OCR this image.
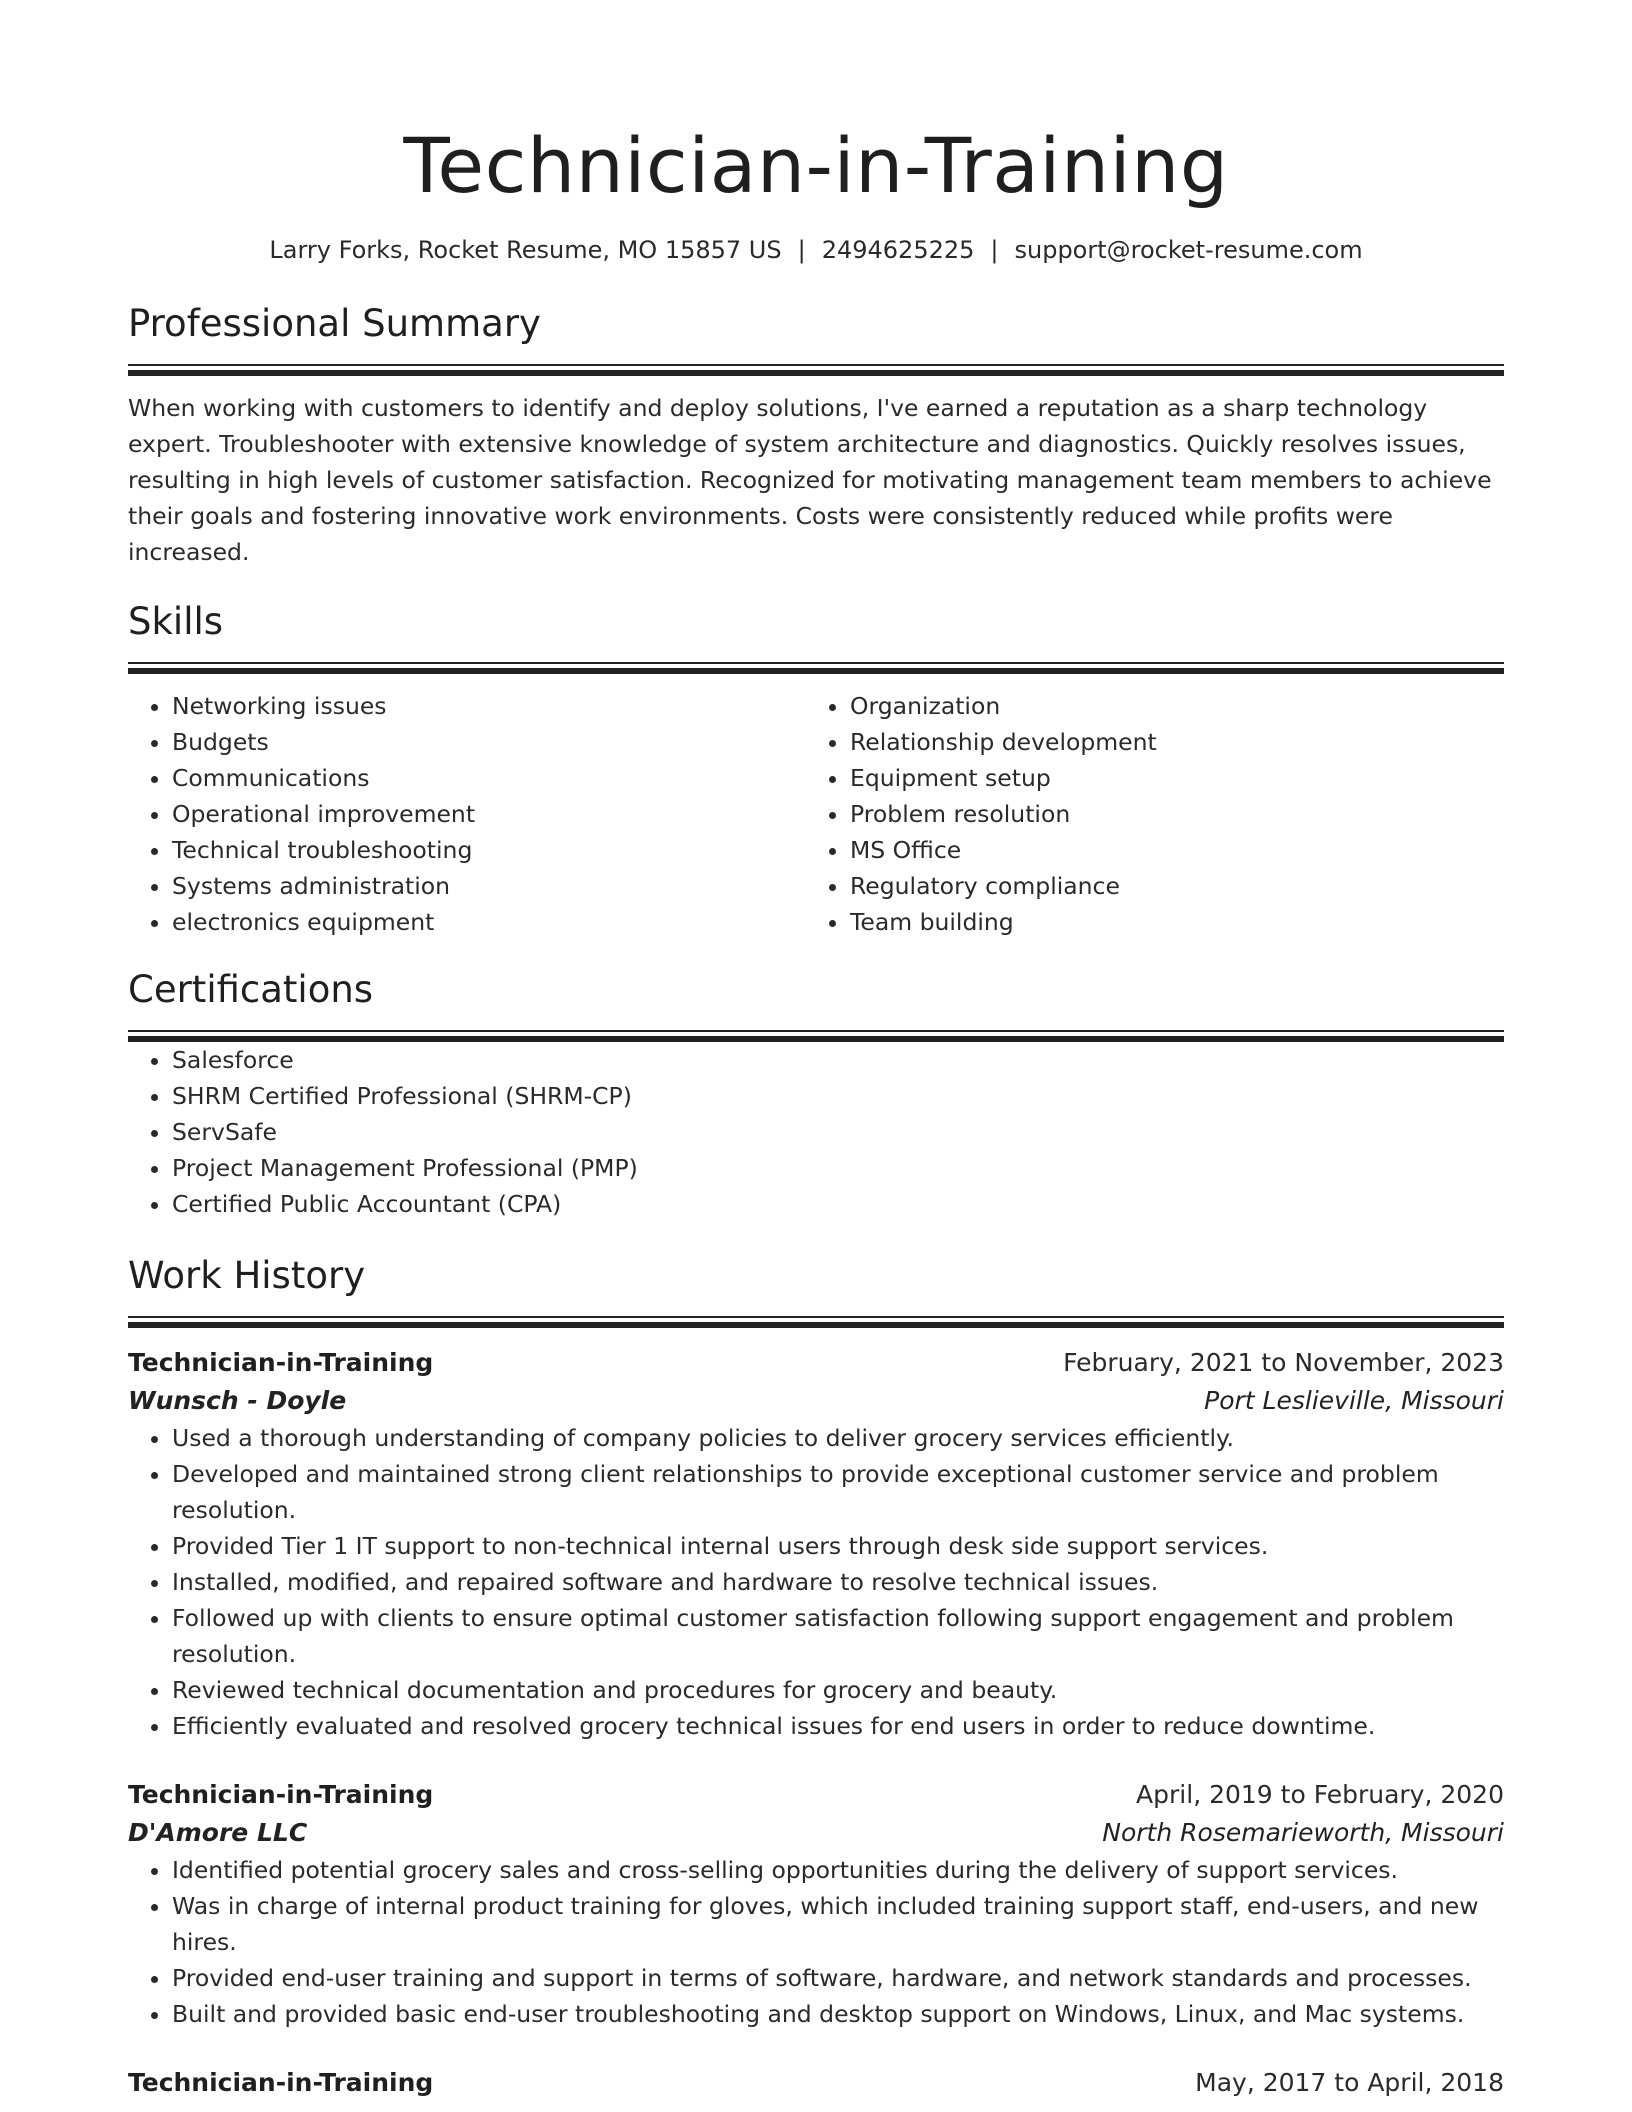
Technician-in-Training
Larry Forks, Rocket Resume, MO 15857 US | 2494625225 | support@rocket-resume.com
Professional Summary

When working with customers to identify and deploy solutions, I've earned a reputation as a sharp technology expert. Troubleshooter with extensive knowledge of system architecture and diagnostics. Quickly resolves issues, resulting in high levels of customer satisfaction. Recognized for motivating management team members to achieve their goals and fostering innovative work environments. Costs were consistently reduced while profits were increased.

Skills
• Networking issues
• Budgets
• Communications
• Operational improvement
• Technical troubleshooting
• Systems administration
• electronics equipment
• Organization
• Relationship development
• Equipment setup
• Problem resolution
• MS Office
• Regulatory compliance
• Team building
Certifications
• Salesforce
• SHRM Certified Professional (SHRM-CP)
• ServSafe
• Project Management Professional (PMP)
• Certified Public Accountant (CPA)
Work History
Technician-in-Training	February, 2021 to November, 2023
Wunsch - Doyle	Port Leslieville, Missouri
• Used a thorough understanding of company policies to deliver grocery services efficiently.
• Developed and maintained strong client relationships to provide exceptional customer service and problem resolution.
• Provided Tier 1 IT support to non-technical internal users through desk side support services.
• Installed, modified, and repaired software and hardware to resolve technical issues.
• Followed up with clients to ensure optimal customer satisfaction following support engagement and problem resolution.
• Reviewed technical documentation and procedures for grocery and beauty.
• Efficiently evaluated and resolved grocery technical issues for end users in order to reduce downtime.
Technician-in-Training	April, 2019 to February, 2020
D'Amore LLC	North Rosemarieworth, Missouri
• Identified potential grocery sales and cross-selling opportunities during the delivery of support services.
• Was in charge of internal product training for gloves, which included training support staff, end-users, and new hires.
• Provided end-user training and support in terms of software, hardware, and network standards and processes.
• Built and provided basic end-user troubleshooting and desktop support on Windows, Linux, and Mac systems.
Technician-in-Training	May, 2017 to April, 2018
